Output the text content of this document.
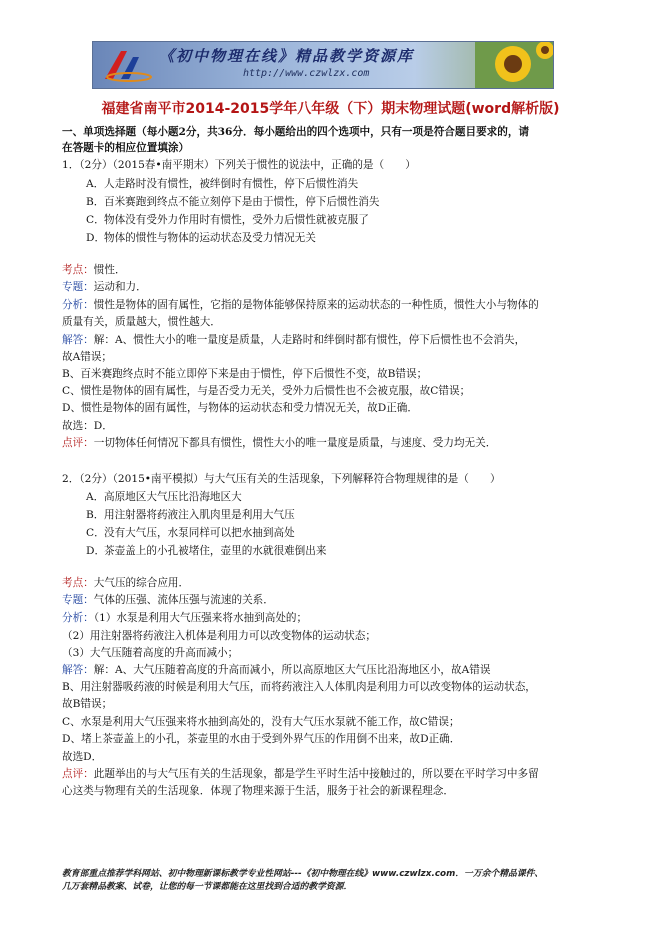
《初中物理在线》精品教学资源库
http://www.czwlzx.com
福建省南平市2014-2015学年八年级（下）期末物理试题(word解析版)
一、单项选择题（每小题2分，共36分．每小题给出的四个选项中，只有一项是符合题目要求的，请
在答题卡的相应位置填涂）
1．（2分）（2015春•南平期末）下列关于惯性的说法中，正确的是（　　）
A．人走路时没有惯性，被绊倒时有惯性，停下后惯性消失
B．百米赛跑到终点不能立刻停下是由于惯性，停下后惯性消失
C．物体没有受外力作用时有惯性，受外力后惯性就被克服了
D．物体的惯性与物体的运动状态及受力情况无关
考点：惯性．
专题：运动和力．
分析：惯性是物体的固有属性，它指的是物体能够保持原来的运动状态的一种性质，惯性大小与物体的
质量有关，质量越大，惯性越大．
解答：解：A、惯性大小的唯一量度是质量，人走路时和绊倒时都有惯性，停下后惯性也不会消失，
故A错误；
B、百米赛跑终点时不能立即停下来是由于惯性，停下后惯性不变，故B错误；
C、惯性是物体的固有属性，与是否受力无关，受外力后惯性也不会被克服，故C错误；
D、惯性是物体的固有属性，与物体的运动状态和受力情况无关，故D正确．
故选：D．
点评：一切物体任何情况下都具有惯性，惯性大小的唯一量度是质量，与速度、受力均无关．
2．（2分）（2015•南平模拟）与大气压有关的生活现象，下列解释符合物理规律的是（　　）
A．高原地区大气压比沿海地区大
B．用注射器将药液注入肌肉里是利用大气压
C．没有大气压，水泵同样可以把水抽到高处
D．茶壶盖上的小孔被堵住，壶里的水就很难倒出来
考点：大气压的综合应用．
专题：气体的压强、流体压强与流速的关系．
分析：（1）水泵是利用大气压强来将水抽到高处的；
（2）用注射器将药液注入机体是利用力可以改变物体的运动状态；
（3）大气压随着高度的升高而减小；
解答：解：A、大气压随着高度的升高而减小，所以高原地区大气压比沿海地区小，故A错误
B、用注射器吸药液的时候是利用大气压，而将药液注入人体肌肉是利用力可以改变物体的运动状态，
故B错误；
C、水泵是利用大气压强来将水抽到高处的，没有大气压水泵就不能工作，故C错误；
D、堵上茶壶盖上的小孔，茶壶里的水由于受到外界气压的作用倒不出来，故D正确．
故选D．
点评：此题举出的与大气压有关的生活现象，都是学生平时生活中接触过的，所以要在平时学习中多留
心这类与物理有关的生活现象．体现了物理来源于生活，服务于社会的新课程理念．
教育部重点推荐学科网站、初中物理新课标教学专业性网站---《初中物理在线》www.czwlzx.com．一万余个精品课件、
几万套精品教案、试卷，让您的每一节课都能在这里找到合适的教学资源．
